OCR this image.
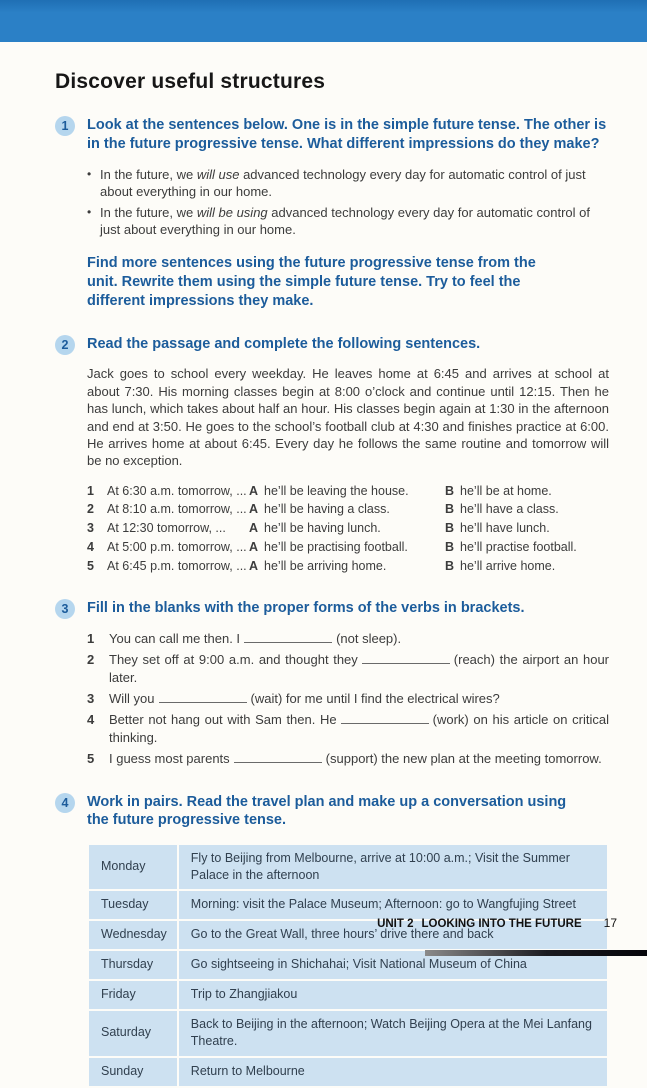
Discover useful structures
1	Look at the sentences below. One is in the simple future tense. The other is in the future progressive tense. What different impressions do they make?
• In the future, we will use advanced technology every day for automatic control of just about everything in our home.
• In the future, we will be using advanced technology every day for automatic control of just about everything in our home.
Find more sentences using the future progressive tense from the unit. Rewrite them using the simple future tense. Try to feel the different impressions they make.
2	Read the passage and complete the following sentences.
Jack goes to school every weekday. He leaves home at 6:45 and arrives at school at about 7:30. His morning classes begin at 8:00 o’clock and continue until 12:15. Then he has lunch, which takes about half an hour. His classes begin again at 1:30 in the afternoon and end at 3:50. He goes to the school’s football club at 4:30 and finishes practice at 6:00. He arrives home at about 6:45. Every day he follows the same routine and tomorrow will be no exception.
1	At 6:30 a.m. tomorrow, ... A he’ll be leaving the house.	B he’ll be at home.
2	At 8:10 a.m. tomorrow, ... A he’ll be having a class.	B he’ll have a class.
3	At 12:30 tomorrow, ...	A he’ll be having lunch.	B he’ll have lunch.
4	At 5:00 p.m. tomorrow, ... A he’ll be practising football.	B he’ll practise football.
5	At 6:45 p.m. tomorrow, ... A he’ll be arriving home.	B he’ll arrive home.
3	Fill in the blanks with the proper forms of the verbs in brackets.
1	You can call me then. I	(not sleep).
2	They set off at 9:00 a.m. and thought they	(reach) the airport an hour later.
3	Will you	(wait) for me until I find the electrical wires?
4	Better not hang out with Sam then. He	(work) on his article on critical thinking.
5	I guess most parents	(support) the new plan at the meeting tomorrow.
4	Work in pairs. Read the travel plan and make up a conversation using the future progressive tense.
Monday	Fly to Beijing from Melbourne, arrive at 10:00 a.m.; Visit the Summer Palace in the afternoon
Tuesday	Morning: visit the Palace Museum; Afternoon: go to Wangfujing Street
Wednesday	Go to the Great Wall, three hours’ drive there and back
Thursday	Go sightseeing in Shichahai; Visit National Museum of China
Friday	Trip to Zhangjiakou
Saturday	Back to Beijing in the afternoon; Watch Beijing Opera at the Mei Lanfang Theatre.
Sunday	Return to Melbourne
UNIT 2 LOOKING INTO THE FUTURE 17
